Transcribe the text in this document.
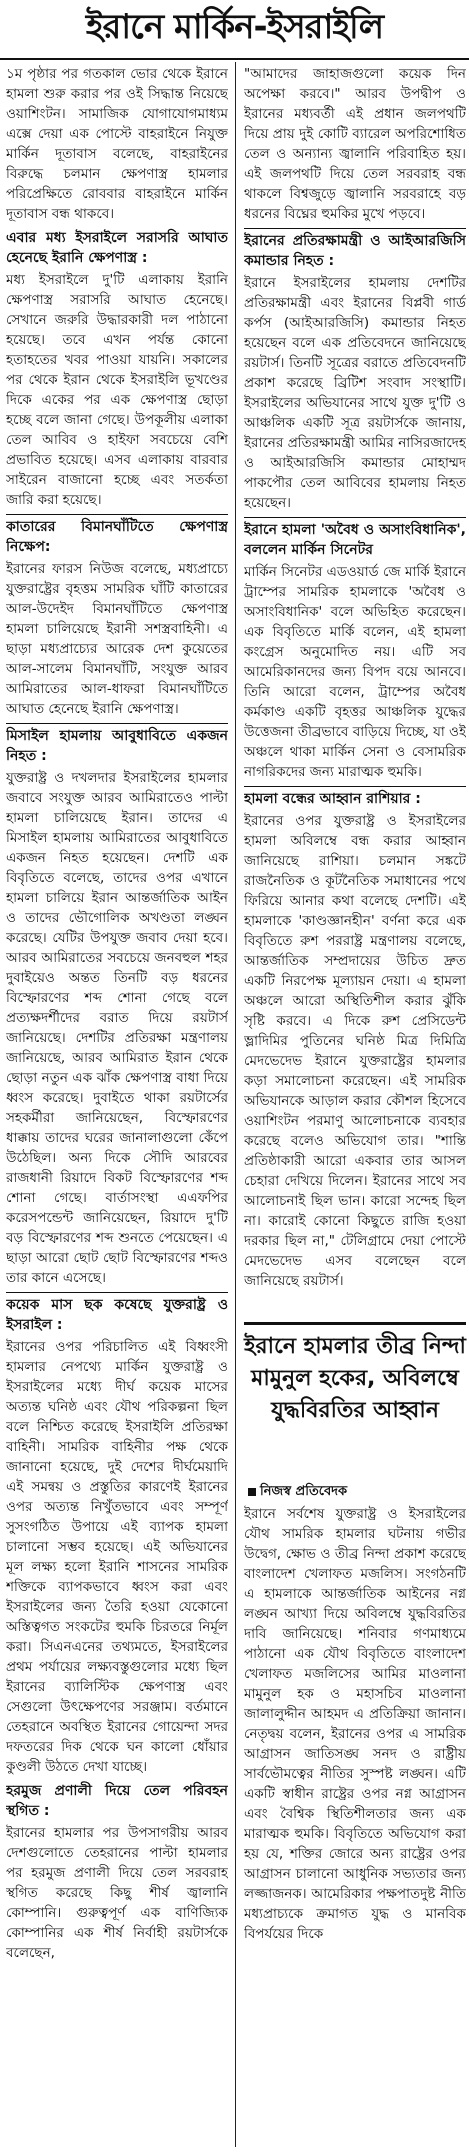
ইরানে মার্কিন-ইসরাইলি

১ম পৃষ্ঠার পর গতকাল ভোর থেকে ইরানে হামলা শুরু করার পর ওই সিদ্ধান্ত নিয়েছে ওয়াশিংটন। সামাজিক যোগাযোগমাধ্যম এক্সে দেয়া এক পোস্টে বাহরাইনে নিযুক্ত মার্কিন দূতাবাস বলেছে, বাহরাইনের বিরুদ্ধে চলমান ক্ষেপণাস্ত্র হামলার পরিপ্রেক্ষিতে রোববার বাহরাইনে মার্কিন দূতাবাস বন্ধ থাকবে।

এবার মধ্য ইসরাইলে সরাসরি আঘাত হেনেছে ইরানি ক্ষেপণাস্ত্র :

মধ্য ইসরাইলে দু'টি এলাকায় ইরানি ক্ষেপণাস্ত্র সরাসরি আঘাত হেনেছে। সেখানে জরুরি উদ্ধারকারী দল পাঠানো হয়েছে। তবে এখন পর্যন্ত কোনো হতাহতের খবর পাওয়া যায়নি। সকালের পর থেকে ইরান থেকে ইসরাইলি ভূখণ্ডের দিকে একের পর এক ক্ষেপণাস্ত্র ছোড়া হচ্ছে বলে জানা গেছে। উপকূলীয় এলাকা তেল আবিব ও হাইফা সবচেয়ে বেশি প্রভাবিত হয়েছে। এসব এলাকায় বারবার সাইরেন বাজানো হচ্ছে এবং সতর্কতা জারি করা হয়েছে।

কাতারের বিমানঘাঁটিতে ক্ষেপণাস্ত্র নিক্ষেপ:

ইরানের ফারস নিউজ বলেছে, মধ্যপ্রাচ্যে যুক্তরাষ্ট্রের বৃহত্তম সামরিক ঘাঁটি কাতারের আল-উদেইদ বিমানঘাঁটিতে ক্ষেপণাস্ত্র হামলা চালিয়েছে ইরানী সশস্ত্রবাহিনী। এ ছাড়া মধ্যপ্রাচ্যের আরেক দেশ কুয়েতের আল-সালেম বিমানঘাঁটি, সংযুক্ত আরব আমিরাতের আল-ধাফরা বিমানঘাঁটিতে আঘাত হেনেছে ইরানি ক্ষেপণাস্ত্র।

মিসাইল হামলায় আবুধাবিতে একজন নিহত :

যুক্তরাষ্ট্র ও দখলদার ইসরাইলের হামলার জবাবে সংযুক্ত আরব আমিরাতেও পাল্টা হামলা চালিয়েছে ইরান। তাদের এ মিসাইল হামলায় আমিরাতের আবুধাবিতে একজন নিহত হয়েছেন। দেশটি এক বিবৃতিতে বলেছে, তাদের ওপর এখানে হামলা চালিয়ে ইরান আন্তর্জাতিক আইন ও তাদের ভৌগোলিক অখণ্ডতা লঙ্ঘন করেছে। যেটির উপযুক্ত জবাব দেয়া হবে। আরব আমিরাতের সবচেয়ে জনবহুল শহর দুবাইয়েও অন্তত তিনটি বড় ধরনের বিস্ফোরণের শব্দ শোনা গেছে বলে প্রত্যক্ষদর্শীদের বরাত দিয়ে রয়টার্স জানিয়েছে। দেশটির প্রতিরক্ষা মন্ত্রণালয় জানিয়েছে, আরব আমিরাত ইরান থেকে ছোড়া নতুন এক ঝাঁক ক্ষেপণাস্ত্র বাধা দিয়ে ধ্বংস করেছে। দুবাইতে থাকা রয়টার্সের সহকর্মীরা জানিয়েছেন, বিস্ফোরণের ধাক্কায় তাদের ঘরের জানালাগুলো কেঁপে উঠেছিল। অন্য দিকে সৌদি আরবের রাজধানী রিয়াদে বিকট বিস্ফোরণের শব্দ শোনা গেছে। বার্তাসংস্থা এএফপির করেসপন্ডেন্ট জানিয়েছেন, রিয়াদে দু'টি বড় বিস্ফোরণের শব্দ শুনতে পেয়েছেন। এ ছাড়া আরো ছোট ছোট বিস্ফোরণের শব্দও তার কানে এসেছে।

কয়েক মাস ছক কষেছে যুক্তরাষ্ট্র ও ইসরাইল :

ইরানের ওপর পরিচালিত এই বিধ্বংসী হামলার নেপথ্যে মার্কিন যুক্তরাষ্ট্র ও ইসরাইলের মধ্যে দীর্ঘ কয়েক মাসের অত্যন্ত ঘনিষ্ঠ এবং যৌথ পরিকল্পনা ছিল বলে নিশ্চিত করেছে ইসরাইলি প্রতিরক্ষা বাহিনী। সামরিক বাহিনীর পক্ষ থেকে জানানো হয়েছে, দুই দেশের দীর্ঘমেয়াদি এই সমন্বয় ও প্রস্তুতির কারণেই ইরানের ওপর অত্যন্ত নিখুঁতভাবে এবং সম্পূর্ণ সুসংগঠিত উপায়ে এই ব্যাপক হামলা চালানো সম্ভব হয়েছে। এই অভিযানের মূল লক্ষ্য হলো ইরানি শাসনের সামরিক শক্তিকে ব্যাপকভাবে ধ্বংস করা এবং ইসরাইলের জন্য তৈরি হওয়া যেকোনো অস্তিত্বগত সংকটের হুমকি চিরতরে নির্মূল করা। সিএনএনের তথ্যমতে, ইসরাইলের প্রথম পর্যায়ের লক্ষ্যবস্তুগুলোর মধ্যে ছিল ইরানের ব্যালিস্টিক ক্ষেপণাস্ত্র এবং সেগুলো উৎক্ষেপণের সরঞ্জাম। বর্তমানে তেহরানে অবস্থিত ইরানের গোয়েন্দা সদর দফতরের দিক থেকে ঘন কালো ধোঁয়ার কুণ্ডলী উঠতে দেখা যাচ্ছে।

হরমুজ প্রণালী দিয়ে তেল পরিবহন স্থগিত :

ইরানের হামলার পর উপসাগরীয় আরব দেশগুলোতে তেহরানের পাল্টা হামলার পর হরমুজ প্রণালী দিয়ে তেল সরবরাহ স্থগিত করেছে কিছু শীর্ষ জ্বালানি কোম্পানি। গুরুত্বপূর্ণ এক বাণিজ্যিক কোম্পানির এক শীর্ষ নির্বাহী রয়টার্সকে বলেছেন,

"আমাদের জাহাজগুলো কয়েক দিন অপেক্ষা করবে।" আরব উপদ্বীপ ও ইরানের মধ্যবর্তী এই প্রধান জলপথটি দিয়ে প্রায় দুই কোটি ব্যারেল অপরিশোধিত তেল ও অন্যান্য জ্বালানি পরিবাহিত হয়। এই জলপথটি দিয়ে তেল সরবরাহ বন্ধ থাকলে বিশ্বজুড়ে জ্বালানি সরবরাহে বড় ধরনের বিঘ্নের হুমকির মুখে পড়বে।

ইরানের প্রতিরক্ষামন্ত্রী ও আইআরজিসি কমান্ডার নিহত :

ইরানে ইসরাইলের হামলায় দেশটির প্রতিরক্ষামন্ত্রী এবং ইরানের বিপ্লবী গার্ড কর্পস (আইআরজিসি) কমান্ডার নিহত হয়েছেন বলে এক প্রতিবেদনে জানিয়েছে রয়টার্স। তিনটি সূত্রের বরাতে প্রতিবেদনটি প্রকাশ করেছে ব্রিটিশ সংবাদ সংস্থাটি। ইসরাইলের অভিযানের সাথে যুক্ত দু'টি ও আঞ্চলিক একটি সূত্র রয়টার্সকে জানায়, ইরানের প্রতিরক্ষামন্ত্রী আমির নাসিরজাদেহ ও আইআরজিসি কমান্ডার মোহাম্মদ পাকপৌর তেল আবিবের হামলায় নিহত হয়েছেন।

ইরানে হামলা 'অবৈধ ও অসাংবিধানিক', বললেন মার্কিন সিনেটর

মার্কিন সিনেটর এডওয়ার্ড জে মার্কি ইরানে ট্রাম্পের সামরিক হামলাকে 'অবৈধ ও অসাংবিধানিক' বলে অভিহিত করেছেন। এক বিবৃতিতে মার্কি বলেন, এই হামলা কংগ্রেস অনুমোদিত নয়। এটি সব আমেরিকানদের জন্য বিপদ বয়ে আনবে। তিনি আরো বলেন, ট্রাম্পের অবৈধ কর্মকাণ্ড একটি বৃহত্তর আঞ্চলিক যুদ্ধের উত্তেজনা তীব্রভাবে বাড়িয়ে দিচ্ছে, যা ওই অঞ্চলে থাকা মার্কিন সেনা ও বেসামরিক নাগরিকদের জন্য মারাত্মক হুমকি।

হামলা বন্ধের আহ্বান রাশিয়ার :

ইরানের ওপর যুক্তরাষ্ট্র ও ইসরাইলের হামলা অবিলম্বে বন্ধ করার আহ্বান জানিয়েছে রাশিয়া। চলমান সঙ্কটে রাজনৈতিক ও কূটনৈতিক সমাধানের পথে ফিরিয়ে আনার কথা বলেছে দেশটি। এই হামলাকে 'কাণ্ডজ্ঞানহীন' বর্ণনা করে এক বিবৃতিতে রুশ পররাষ্ট্র মন্ত্রণালয় বলেছে, আন্তর্জাতিক সম্প্রদায়ের উচিত দ্রুত একটি নিরপেক্ষ মূল্যায়ন দেয়া। এ হামলা অঞ্চলে আরো অস্থিতিশীল করার ঝুঁকি সৃষ্টি করবে। এ দিকে রুশ প্রেসিডেন্ট ভ্লাদিমির পুতিনের ঘনিষ্ঠ মিত্র দিমিত্রি মেদভেদেভ ইরানে যুক্তরাষ্ট্রের হামলার কড়া সমালোচনা করেছেন। এই সামরিক অভিযানকে আড়াল করার কৌশল হিসেবে ওয়াশিংটন পরমাণু আলোচনাকে ব্যবহার করেছে বলেও অভিযোগ তার। "শান্তি প্রতিষ্ঠাকারী আরো একবার তার আসল চেহারা দেখিয়ে দিলেন। ইরানের সাথে সব আলোচনাই ছিল ভান। কারো সন্দেহ ছিল না। কারোই কোনো কিছুতে রাজি হওয়া দরকার ছিল না," টেলিগ্রামে দেয়া পোস্টে মেদভেদেভ এসব বলেছেন বলে জানিয়েছে রয়টার্স।

ইরানে হামলার তীব্র নিন্দা মামুনুল হকের, অবিলম্বে যুদ্ধবিরতির আহ্বান
নিজস্ব প্রতিবেদক

ইরানে সর্বশেষ যুক্তরাষ্ট্র ও ইসরাইলের যৌথ সামরিক হামলার ঘটনায় গভীর উদ্বেগ, ক্ষোভ ও তীব্র নিন্দা প্রকাশ করেছে বাংলাদেশ খেলাফত মজলিস। সংগঠনটি এ হামলাকে আন্তর্জাতিক আইনের নগ্ন লঙ্ঘন আখ্যা দিয়ে অবিলম্বে যুদ্ধবিরতির দাবি জানিয়েছে। শনিবার গণমাধ্যমে পাঠানো এক যৌথ বিবৃতিতে বাংলাদেশ খেলাফত মজলিসের আমির মাওলানা মামুনুল হক ও মহাসচিব মাওলানা জালালুদ্দীন আহমদ এ প্রতিক্রিয়া জানান। নেতৃদ্বয় বলেন, ইরানের ওপর এ সামরিক আগ্রাসন জাতিসঙ্ঘ সনদ ও রাষ্ট্রীয় সার্বভৌমত্বের নীতির সুস্পষ্ট লঙ্ঘন। এটি একটি স্বাধীন রাষ্ট্রের ওপর নগ্ন আগ্রাসন এবং বৈশ্বিক স্থিতিশীলতার জন্য এক মারাত্মক হুমকি। বিবৃতিতে অভিযোগ করা হয় যে, শক্তির জোরে অন্য রাষ্ট্রের ওপর আগ্রাসন চালানো আধুনিক সভ্যতার জন্য লজ্জাজনক। আমেরিকার পক্ষপাতদুষ্ট নীতি মধ্যপ্রাচ্যকে ক্রমাগত যুদ্ধ ও মানবিক বিপর্যয়ের দিকে
